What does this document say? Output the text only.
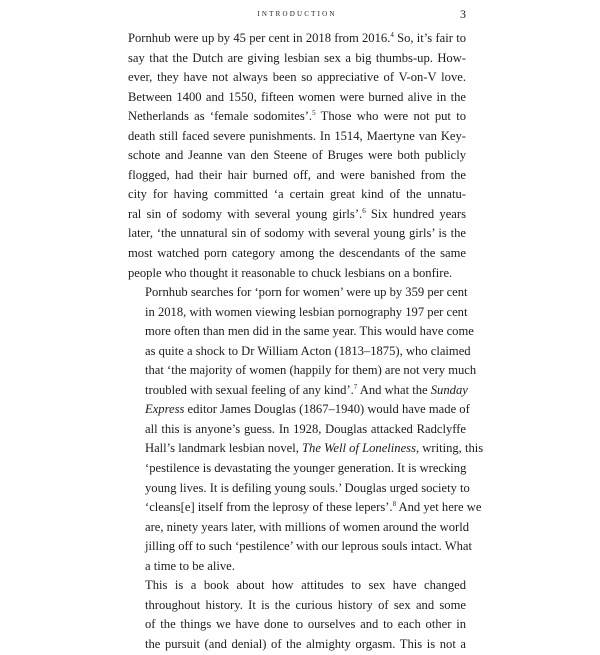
introduction	3

Pornhub were up by 45 per cent in 2018 from 2016.$^4$ So, it’s fair to
say that the Dutch are giving lesbian sex a big thumbs-up. How-
ever, they have not always been so appreciative of V-on-V love.
Between 1400 and 1550, fifteen women were burned alive in the
Netherlands as ‘female sodomites’.$^5$ Those who were not put to
death still faced severe punishments. In 1514, Maertyne van Key-
schote and Jeanne van den Steene of Bruges were both publicly
flogged, had their hair burned off, and were banished from the
city for having committed ‘a certain great kind of the unnatu-
ral sin of sodomy with several young girls’.$^6$ Six hundred years
later, ‘the unnatural sin of sodomy with several young girls’ is the
most watched porn category among the descendants of the same
people who thought it reasonable to chuck lesbians on a bonfire.

Pornhub searches for ‘porn for women’ were up by 359 per cent
in 2018, with women viewing lesbian pornography 197 per cent
more often than men did in the same year. This would have come
as quite a shock to Dr William Acton (1813–1875), who claimed
that ‘the majority of women (happily for them) are not very much
troubled with sexual feeling of any kind’.$^7$ And what the Sunday
Express editor James Douglas (1867–1940) would have made of
all this is anyone’s guess. In 1928, Douglas attacked Radclyffe
Hall’s landmark lesbian novel, The Well of Loneliness, writing, this
‘pestilence is devastating the younger generation. It is wrecking
young lives. It is defiling young souls.’ Douglas urged society to
‘cleans[e] itself from the leprosy of these lepers’.$^8$ And yet here we
are, ninety years later, with millions of women around the world
jilling off to such ‘pestilence’ with our leprous souls intact. What
a time to be alive.

This is a book about how attitudes to sex have changed
throughout history. It is the curious history of sex and some
of the things we have done to ourselves and to each other in
the pursuit (and denial) of the almighty orgasm. This is not a
